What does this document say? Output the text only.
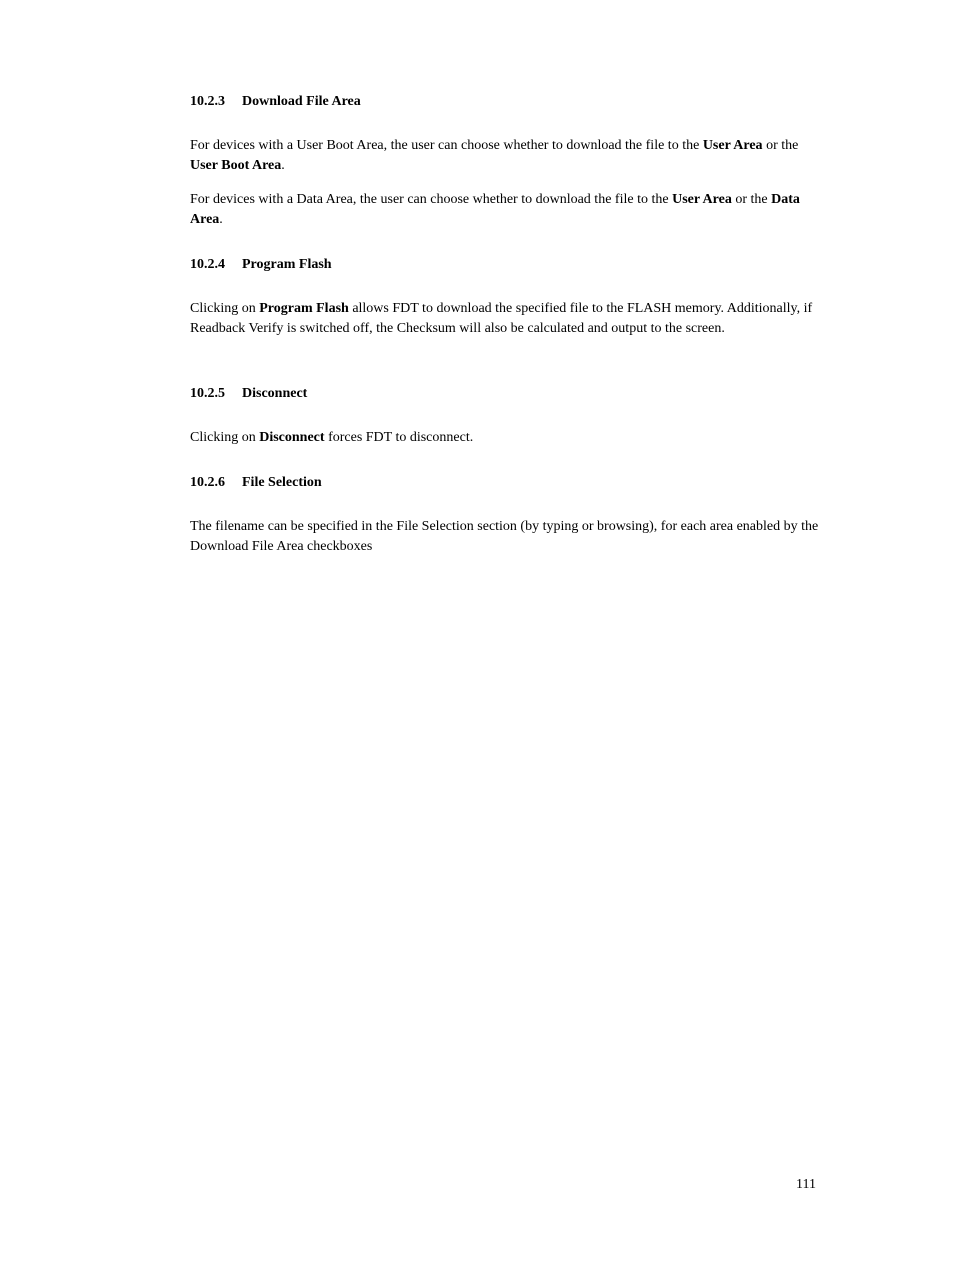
10.2.3 Download File Area
For devices with a User Boot Area, the user can choose whether to download the file to the User Area or the User Boot Area.
For devices with a Data Area, the user can choose whether to download the file to the User Area or the Data Area.
10.2.4 Program Flash
Clicking on Program Flash allows FDT to download the specified file to the FLASH memory. Additionally, if Readback Verify is switched off, the Checksum will also be calculated and output to the screen.
10.2.5 Disconnect
Clicking on Disconnect forces FDT to disconnect.
10.2.6 File Selection
The filename can be specified in the File Selection section (by typing or browsing), for each area enabled by the Download File Area checkboxes
111
